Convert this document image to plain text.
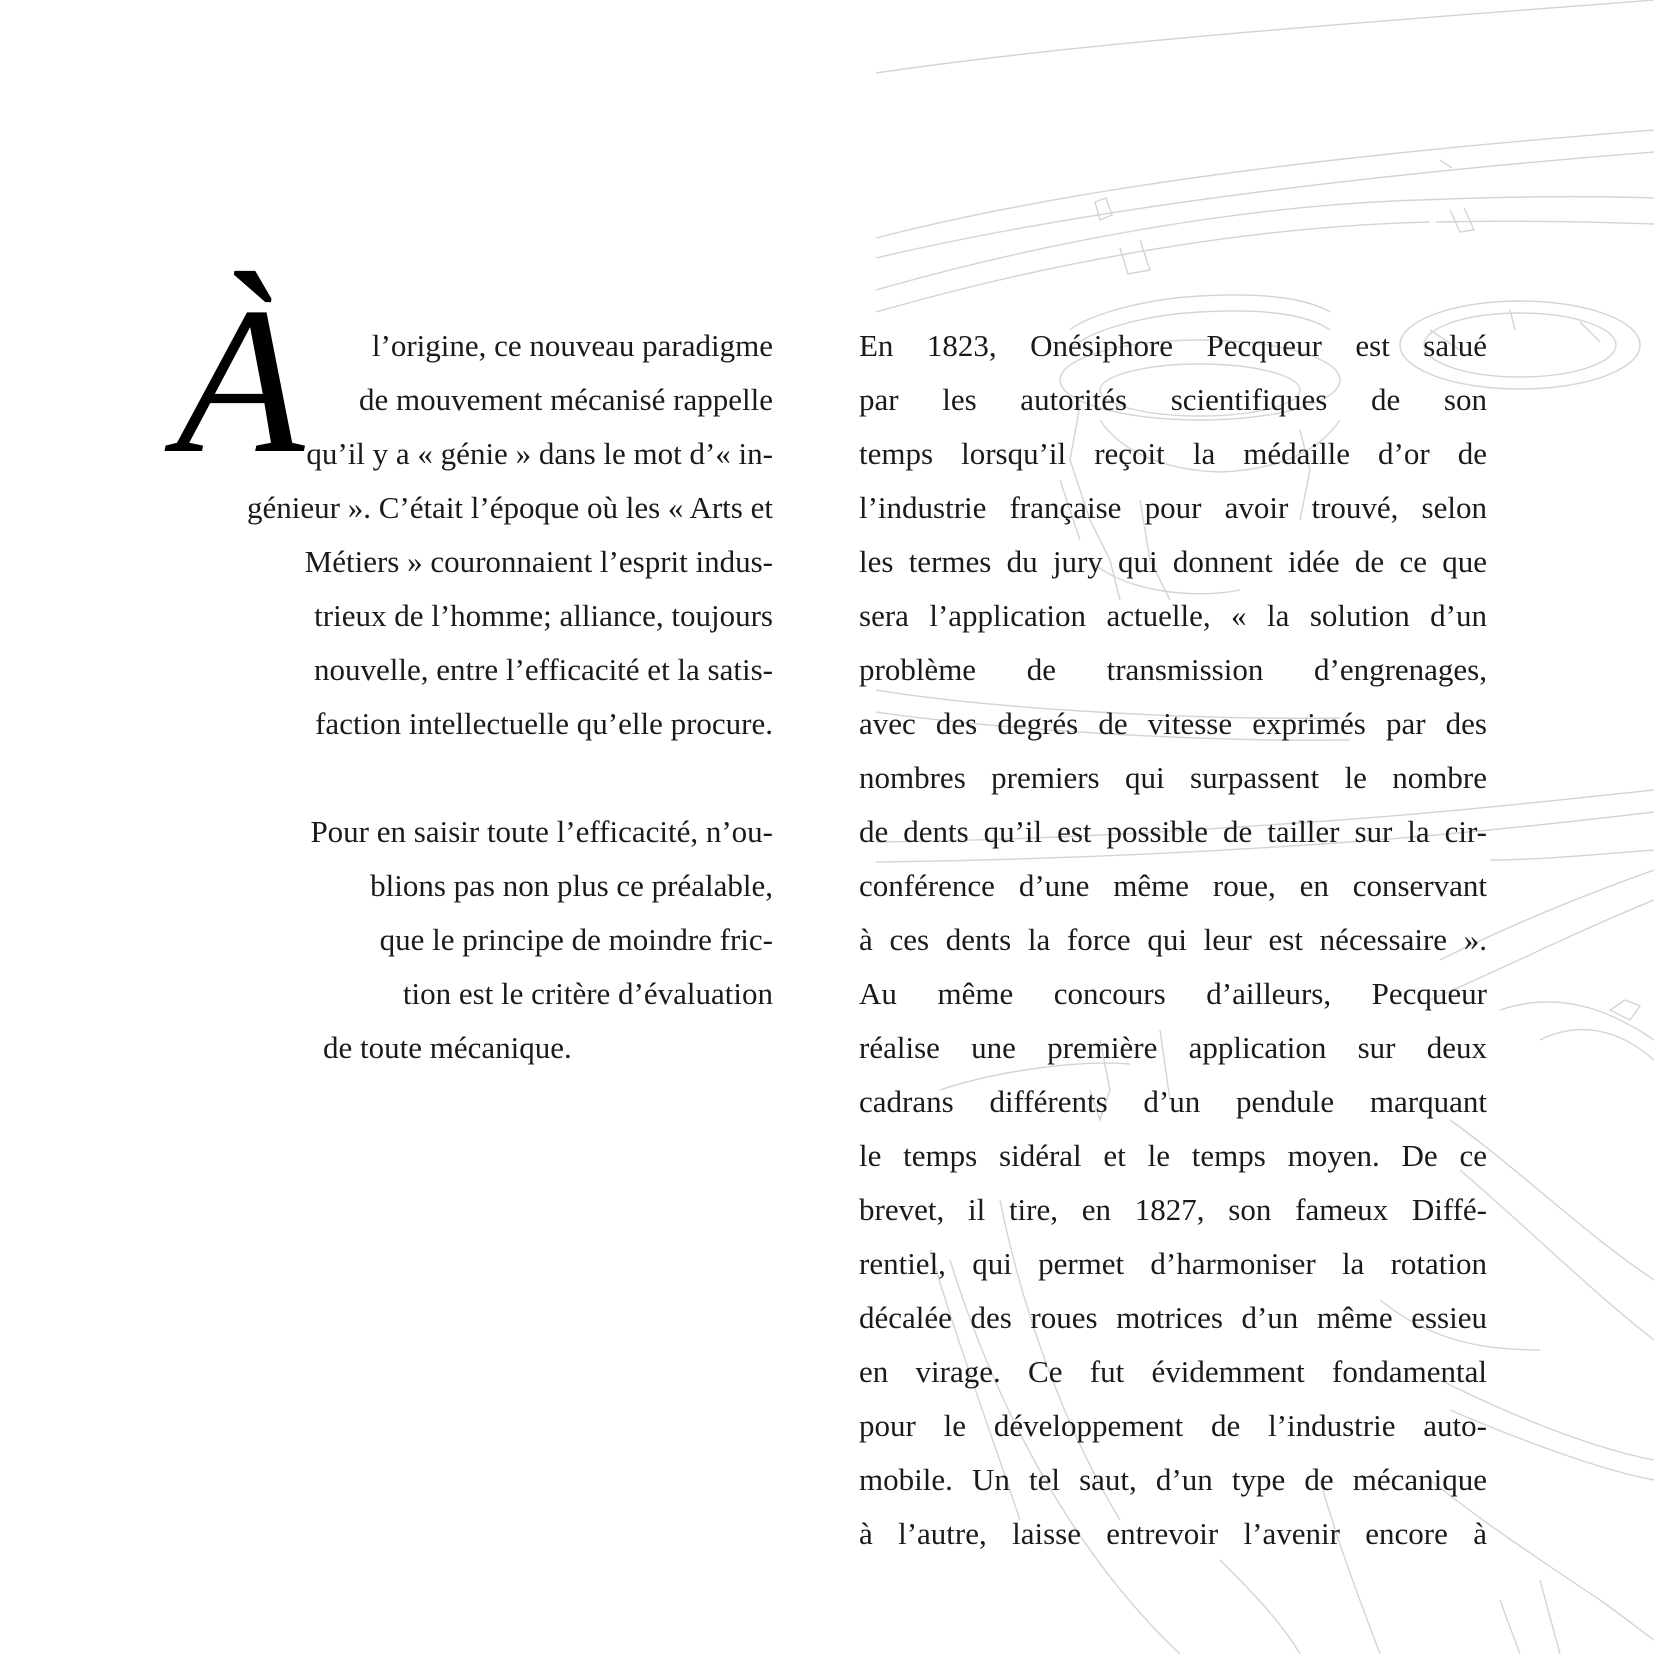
À	l’origine, ce nouveau paradigme
de mouvement mécanisé rappelle
qu’il y a « génie » dans le mot d’« in-
génieur ». C’était l’époque où les « Arts et
Métiers » couronnaient l’esprit indus-
trieux de l’homme; alliance, toujours
nouvelle, entre l’efficacité et la satis-
faction intellectuelle qu’elle procure.
Pour en saisir toute l’efficacité, n’ou-
blions pas non plus ce préalable,
que le principe de moindre fric-
tion est le critère d’évaluation
de toute mécanique.
En 1823, Onésiphore Pecqueur est salué
par les autorités scientifiques de son
temps lorsqu’il reçoit la médaille d’or de
l’industrie française pour avoir trouvé, selon
les termes du jury qui donnent idée de ce que
sera l’application actuelle, « la solution d’un
problème de transmission d’engrenages,
avec des degrés de vitesse exprimés par des
nombres premiers qui surpassent le nombre
de dents qu’il est possible de tailler sur la cir-
conférence d’une même roue, en conservant
à ces dents la force qui leur est nécessaire ».
Au même concours d’ailleurs, Pecqueur
réalise une première application sur deux
cadrans différents d’un pendule marquant
le temps sidéral et le temps moyen. De ce
brevet, il tire, en 1827, son fameux Diffé-
rentiel, qui permet d’harmoniser la rotation
décalée des roues motrices d’un même essieu
en virage. Ce fut évidemment fondamental
pour le développement de l’industrie auto-
mobile. Un tel saut, d’un type de mécanique
à l’autre, laisse entrevoir l’avenir encore à
